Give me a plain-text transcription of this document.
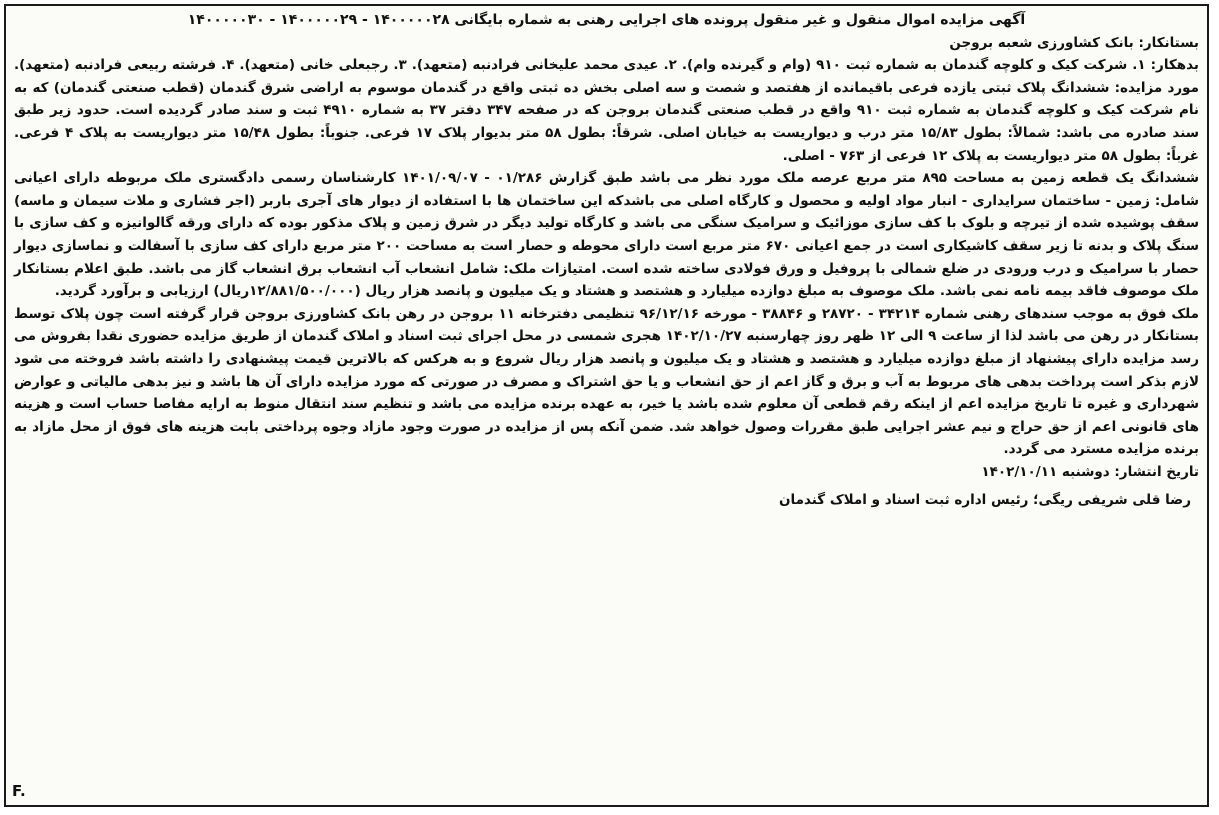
آگهی مزایده اموال منقول و غیر منقول پرونده های اجرایی رهنی به شماره بایگانی ۱۴۰۰۰۰۰۲۸ - ۱۴۰۰۰۰۰۲۹ - ۱۴۰۰۰۰۰۳۰

بستانکار: بانک کشاورزی شعبه بروجن

بدهکار: ۱. شرکت کیک و کلوچه گندمان به شماره ثبت ۹۱۰ (وام و گیرنده وام). ۲. عیدی محمد علیخانی فرادنبه (متعهد). ۳. رجبعلی خانی (متعهد). ۴. فرشته ربیعی فرادنبه (متعهد). مورد مزایده: ششدانگ پلاک ثبتی یازده فرعی باقیمانده از هفتصد و شصت و سه اصلی بخش ده ثبتی واقع در گندمان موسوم به اراضی شرق گندمان (قطب صنعتی گندمان) که به نام شرکت کیک و کلوچه گندمان به شماره ثبت ۹۱۰ واقع در قطب صنعتی گندمان بروجن که در صفحه ۳۴۷ دفتر ۳۷ به شماره ۴۹۱۰ ثبت و سند صادر گردیده است. حدود زیر طبق سند صادره می باشد: شمالاً: بطول ۱۵/۸۳ متر درب و دیواریست به خیابان اصلی. شرقاً: بطول ۵۸ متر بدیوار پلاک ۱۷ فرعی. جنوباً: بطول ۱۵/۴۸ متر دیواریست به پلاک ۴ فرعی. غرباً: بطول ۵۸ متر دیواریست به پلاک ۱۲ فرعی از ۷۶۳ - اصلی.

ششدانگ یک قطعه زمین به مساحت ۸۹۵ متر مربع عرصه ملک مورد نظر می باشد طبق گزارش ۰۱/۲۸۶ - ۱۴۰۱/۰۹/۰۷ کارشناسان رسمی دادگستری ملک مربوطه دارای اعیانی شامل: زمین - ساختمان سرایداری - انبار مواد اولیه و محصول و کارگاه اصلی می باشدکه این ساختمان ها با استفاده از دیوار های آجری باربر (اجر فشاری و ملات سیمان و ماسه) سقف پوشیده شده از تیرچه و بلوک با کف سازی موزائیک و سرامیک سنگی می باشد و کارگاه تولید دیگر در شرق زمین و پلاک مذکور بوده که دارای ورقه گالوانیزه و کف سازی با سنگ پلاک و بدنه تا زیر سقف کاشیکاری است در جمع اعیانی ۶۷۰ متر مربع است دارای محوطه و حصار است به مساحت ۲۰۰ متر مربع دارای کف سازی با آسفالت و نماسازی دیوار حصار با سرامیک و درب ورودی در ضلع شمالی با پروفیل و ورق فولادی ساخته شده است. امتیازات ملک: شامل انشعاب آب انشعاب برق انشعاب گاز می باشد. طبق اعلام بستانکار ملک موصوف فاقد بیمه نامه نمی باشد. ملک موصوف به مبلغ دوازده میلیارد و هشتصد و هشتاد و یک میلیون و پانصد هزار ریال (۱۲/۸۸۱/۵۰۰/۰۰۰ریال) ارزیابی و برآورد گردید.

ملک فوق به موجب سندهای رهنی شماره ۳۴۲۱۴ - ۲۸۷۲۰ و ۳۸۸۴۶ - مورخه ۹۶/۱۲/۱۶ تنظیمی دفترخانه ۱۱ بروجن در رهن بانک کشاورزی بروجن قرار گرفته است چون پلاک توسط بستانکار در رهن می باشد لذا از ساعت ۹ الی ۱۲ ظهر روز چهارسنبه ۱۴۰۲/۱۰/۲۷ هجری شمسی در محل اجرای ثبت اسناد و املاک گندمان از طریق مزایده حضوری نقدا بفروش می رسد مزایده دارای پیشنهاد از مبلغ دوازده میلیارد و هشتصد و هشتاد و یک میلیون و پانصد هزار ریال شروع و به هرکس که بالاترین قیمت پیشنهادی را داشته باشد فروخته می شود لازم بذکر است پرداخت بدهی های مربوط به آب و برق و گاز اعم از حق انشعاب و یا حق اشتراک و مصرف در صورتی که مورد مزایده دارای آن ها باشد و نیز بدهی مالیاتی و عوارض شهرداری و غیره تا تاریخ مزایده اعم از اینکه رقم قطعی آن معلوم شده باشد یا خیر، به عهده برنده مزایده می باشد و تنظیم سند انتقال منوط به ارایه مفاصا حساب است و هزینه های قانونی اعم از حق حراج و نیم عشر اجرایی طبق مقررات وصول خواهد شد. ضمن آنکه پس از مزایده در صورت وجود مازاد وجوه پرداختی بابت هزینه های فوق از محل مازاد به برنده مزایده مسترد می گردد.

تاریخ انتشار: دوشنبه ۱۴۰۲/۱۰/۱۱

رضا قلی شریفی ریگی؛ رئیس اداره ثبت اسناد و املاک گندمان

F.
